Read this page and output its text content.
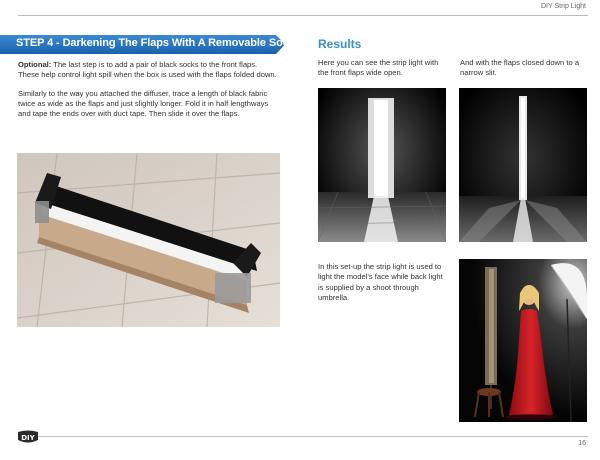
DIY Strip Light
STEP 4 - Darkening The Flaps With A Removable Sock

Optional: The last step is to add a pair of black socks to the front flaps. These help control light spill when the box is used with the flaps folded down.

Similarly to the way you attached the diffuser, trace a length of black fabric twice as wide as the flaps and just slightly longer. Fold it in half lengthways and tape the ends over with duct tape. Then slide it over the flaps.

Results
Here you can see the strip light with the front flaps wide open.
And with the flaps closed down to a narrow slit.
In this set-up the strip light is used to light the model's face while back light is supplied by a shoot through umbrella.
DIY
16
